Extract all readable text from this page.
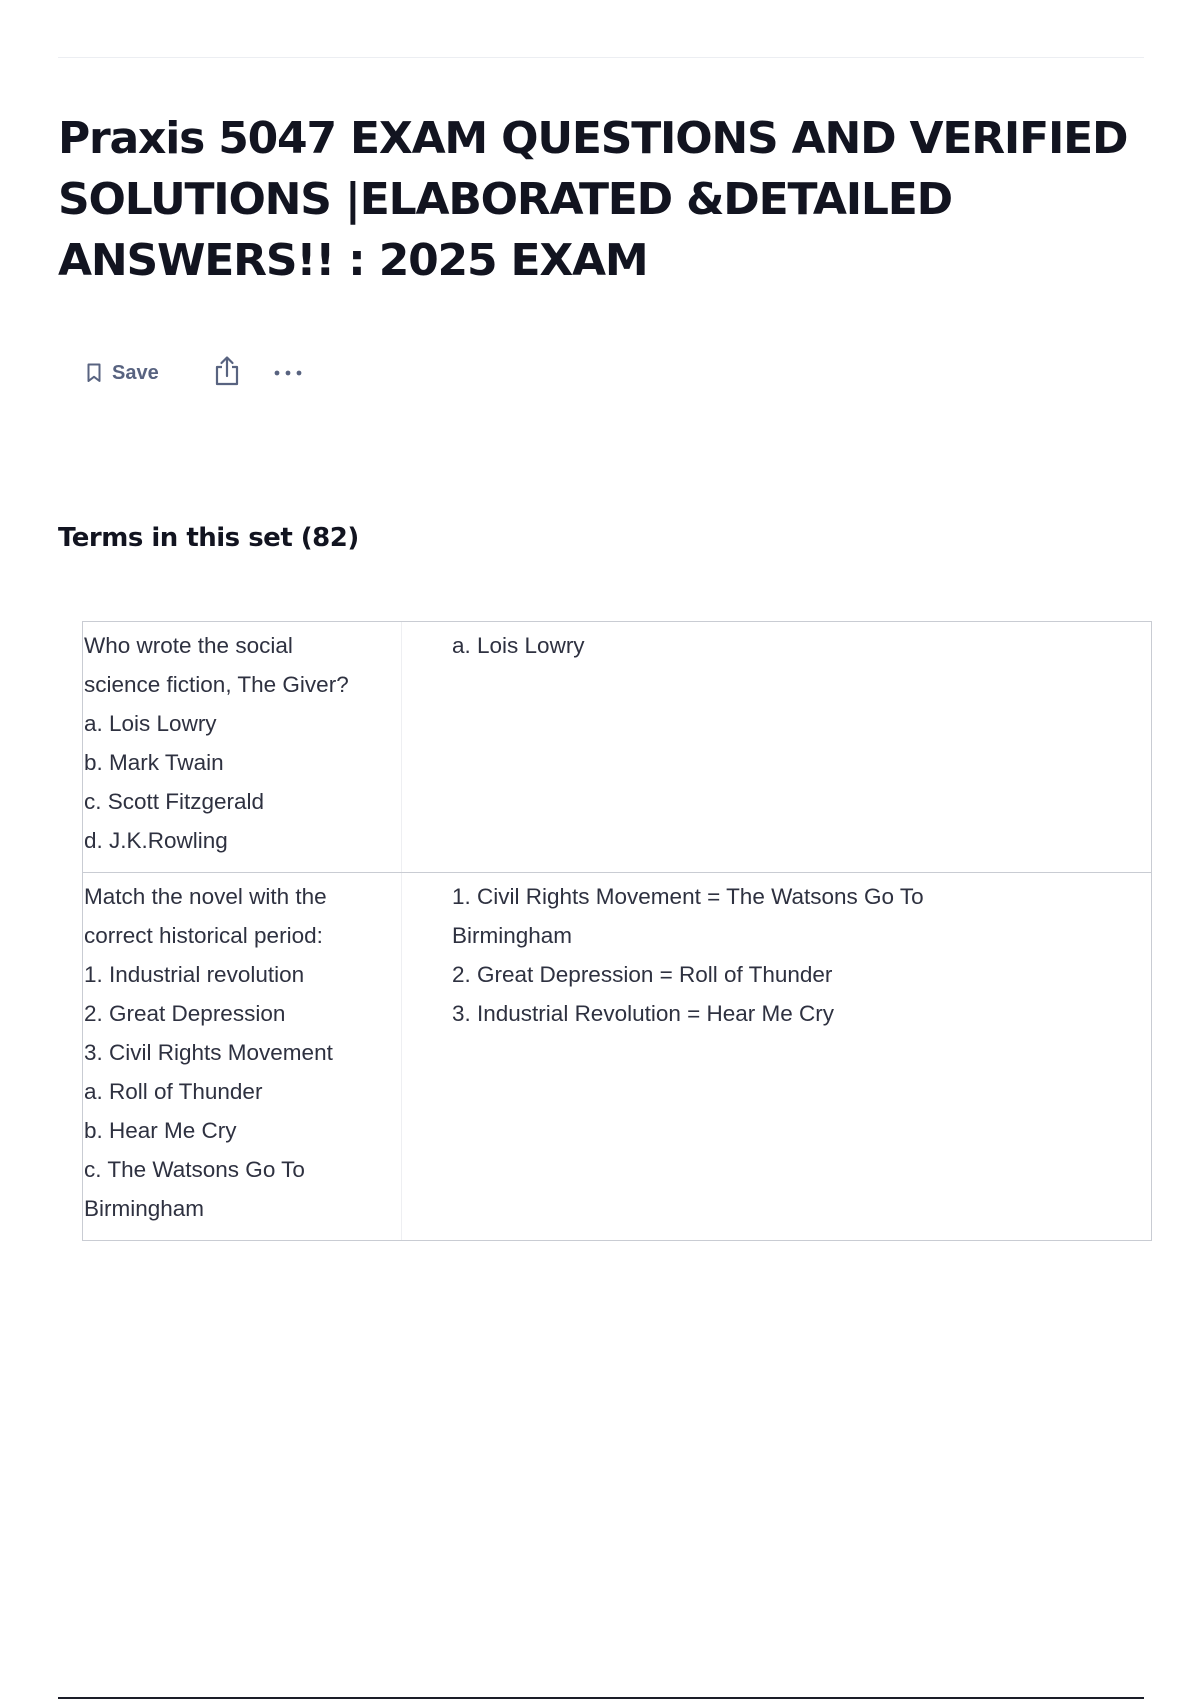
Praxis 5047 EXAM QUESTIONS AND VERIFIED
SOLUTIONS |ELABORATED &DETAILED
ANSWERS!! : 2025 EXAM
Save
Terms in this set (82)
Who wrote the social
science fiction, The Giver?
a. Lois Lowry
b. Mark Twain
c. Scott Fitzgerald
d. J.K.Rowling
a. Lois Lowry
Match the novel with the
correct historical period:
1. Industrial revolution
2. Great Depression
3. Civil Rights Movement
a. Roll of Thunder
b. Hear Me Cry
c. The Watsons Go To
Birmingham
1. Civil Rights Movement = The Watsons Go To
Birmingham
2. Great Depression = Roll of Thunder
3. Industrial Revolution = Hear Me Cry
